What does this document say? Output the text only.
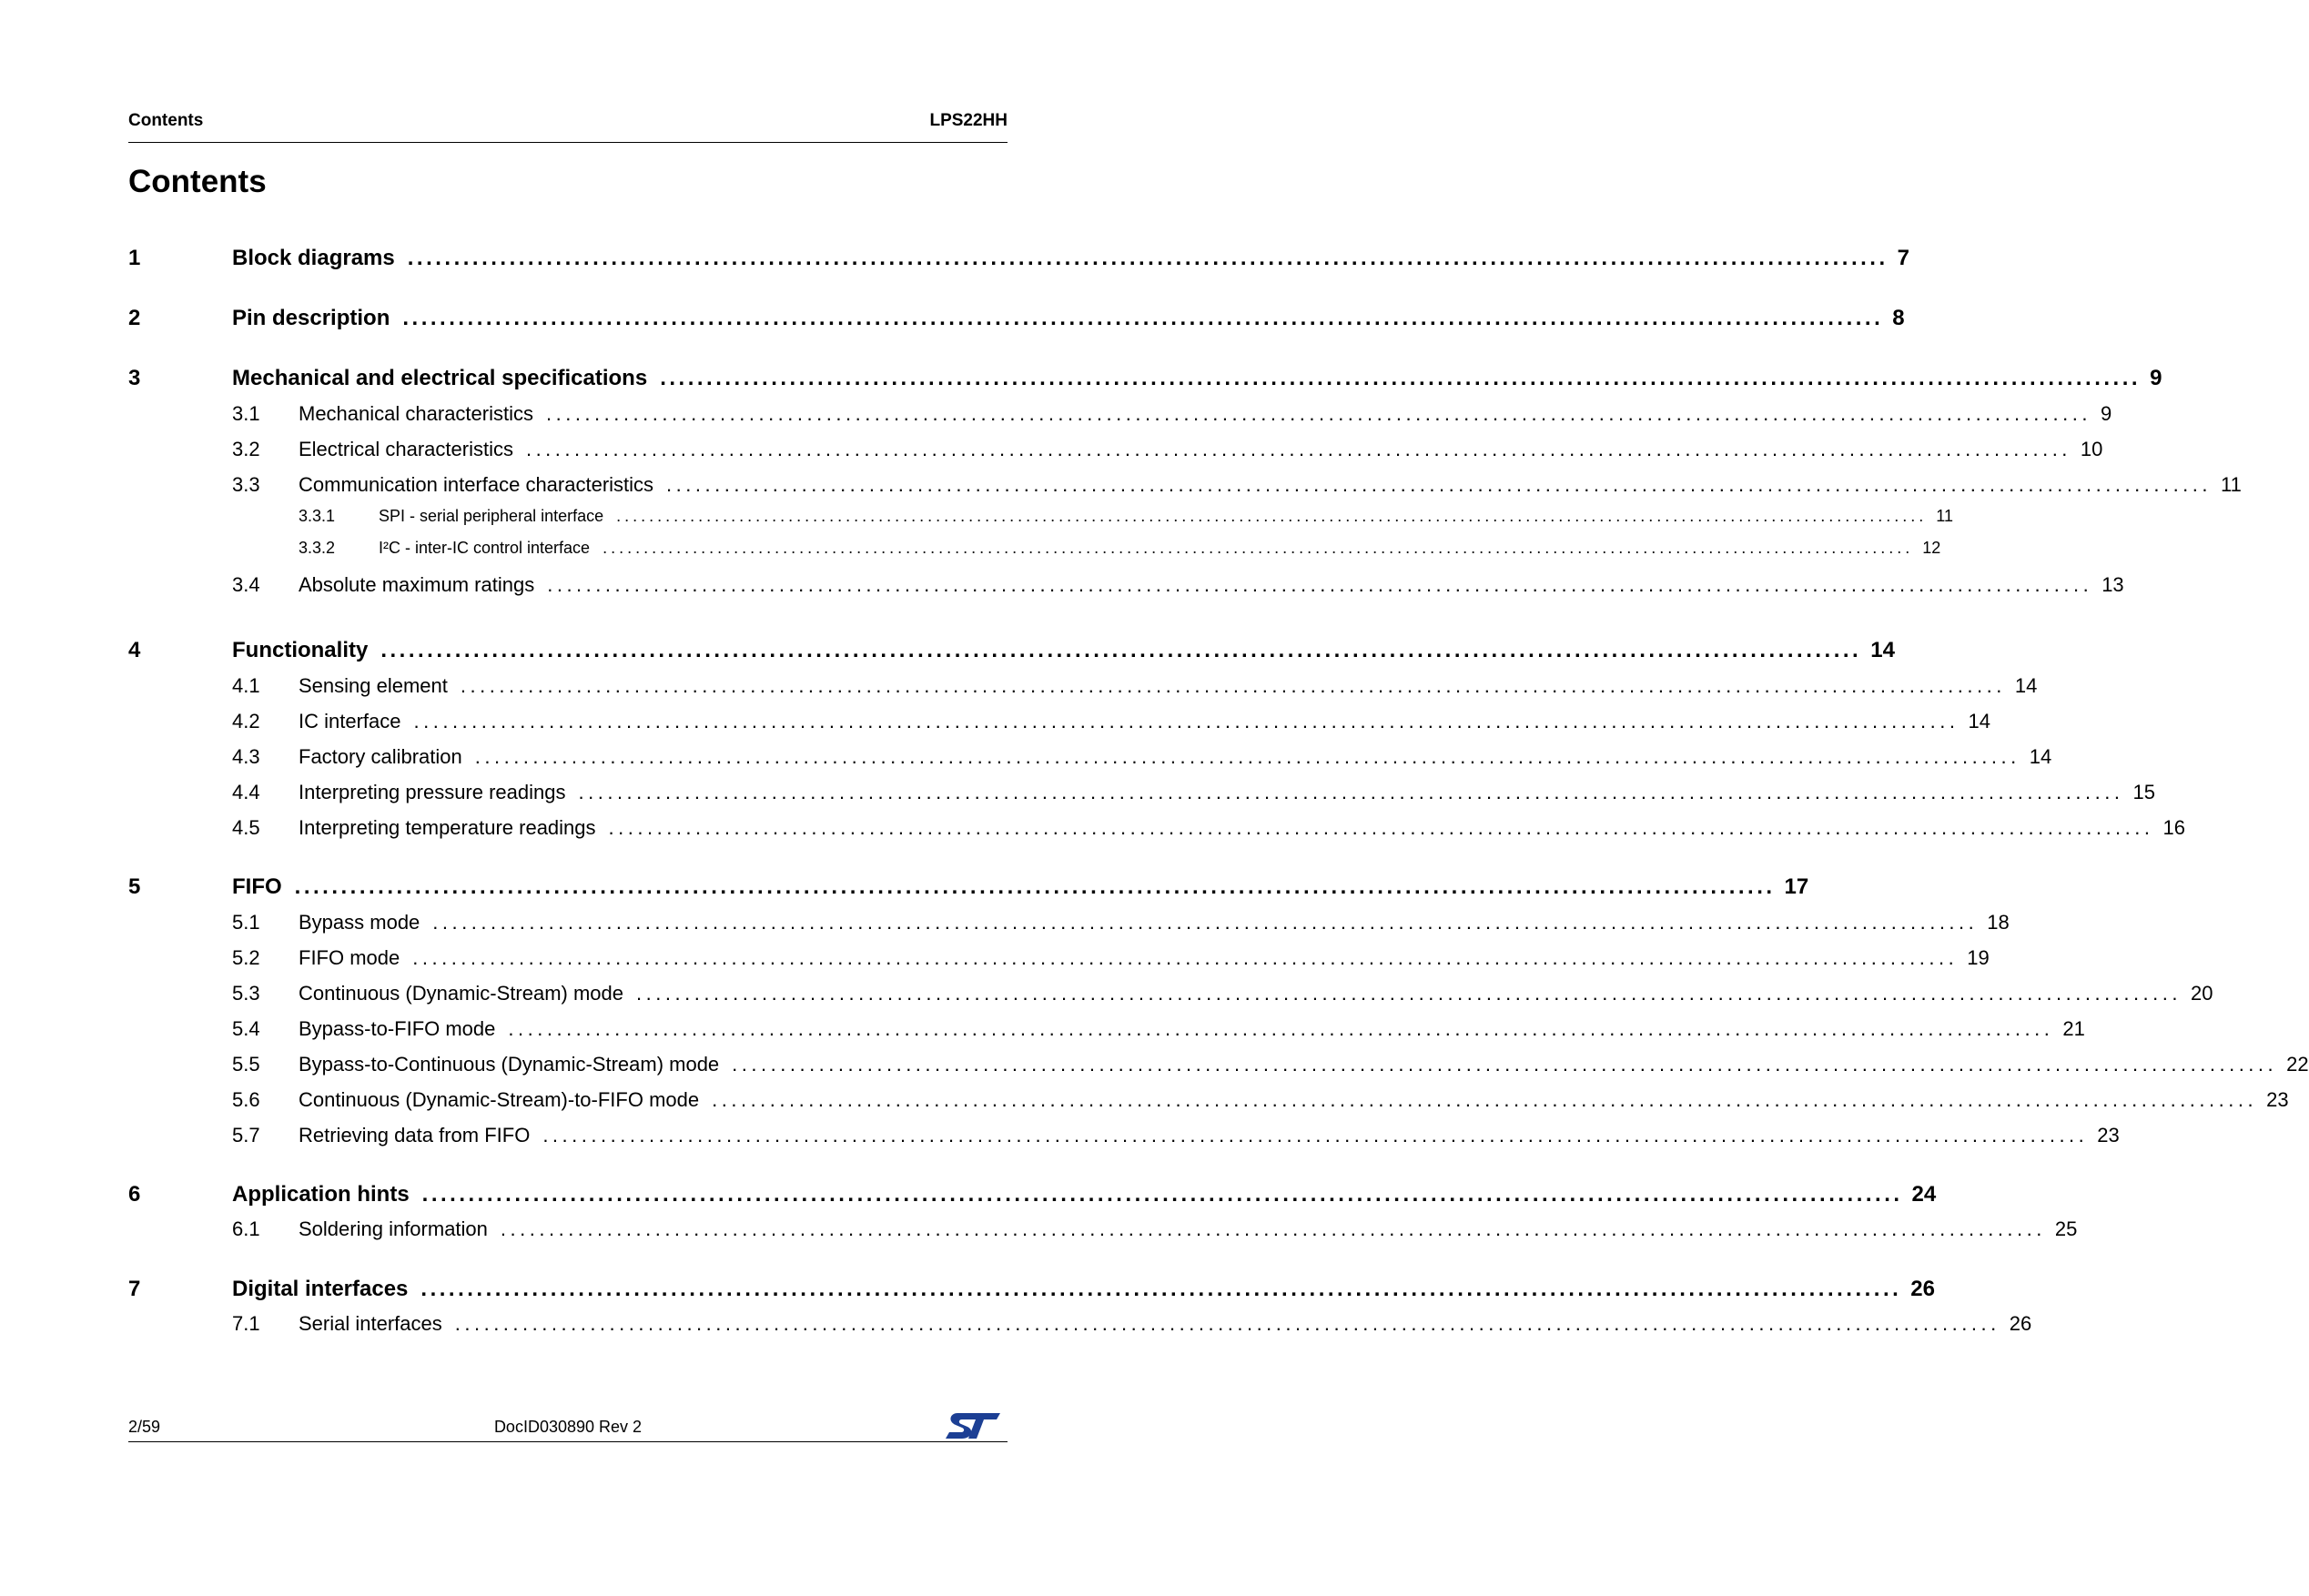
Contents	LPS22HH
Contents
1	Block diagrams ................................................................................................................................................................ 7
2	Pin description ................................................................................................................................................................ 8
3	Mechanical and electrical specifications ................................................................................................................................................................ 9
3.1 Mechanical characteristics ................................................................................................................................................................ 9
3.2 Electrical characteristics ................................................................................................................................................................ 10
3.3 Communication interface characteristics ................................................................................................................................................................ 11
3.3.1	SPI - serial peripheral interface ................................................................................................................................................................ 11
3.3.2	I²C - inter-IC control interface ................................................................................................................................................................ 12
3.4 Absolute maximum ratings ................................................................................................................................................................ 13
4	Functionality ................................................................................................................................................................ 14
4.1 Sensing element ................................................................................................................................................................ 14
4.2 IC interface ................................................................................................................................................................ 14
4.3 Factory calibration ................................................................................................................................................................ 14
4.4 Interpreting pressure readings ................................................................................................................................................................ 15
4.5 Interpreting temperature readings ................................................................................................................................................................ 16
5	FIFO ................................................................................................................................................................ 17
5.1 Bypass mode ................................................................................................................................................................ 18
5.2 FIFO mode ................................................................................................................................................................ 19
5.3 Continuous (Dynamic-Stream) mode ................................................................................................................................................................ 20
5.4 Bypass-to-FIFO mode ................................................................................................................................................................ 21
5.5 Bypass-to-Continuous (Dynamic-Stream) mode ................................................................................................................................................................ 22
5.6 Continuous (Dynamic-Stream)-to-FIFO mode ................................................................................................................................................................ 23
5.7 Retrieving data from FIFO ................................................................................................................................................................ 23
6	Application hints ................................................................................................................................................................ 24
6.1 Soldering information ................................................................................................................................................................ 25
7	Digital interfaces ................................................................................................................................................................ 26
7.1 Serial interfaces ................................................................................................................................................................ 26
2/59	DocID030890 Rev 2
